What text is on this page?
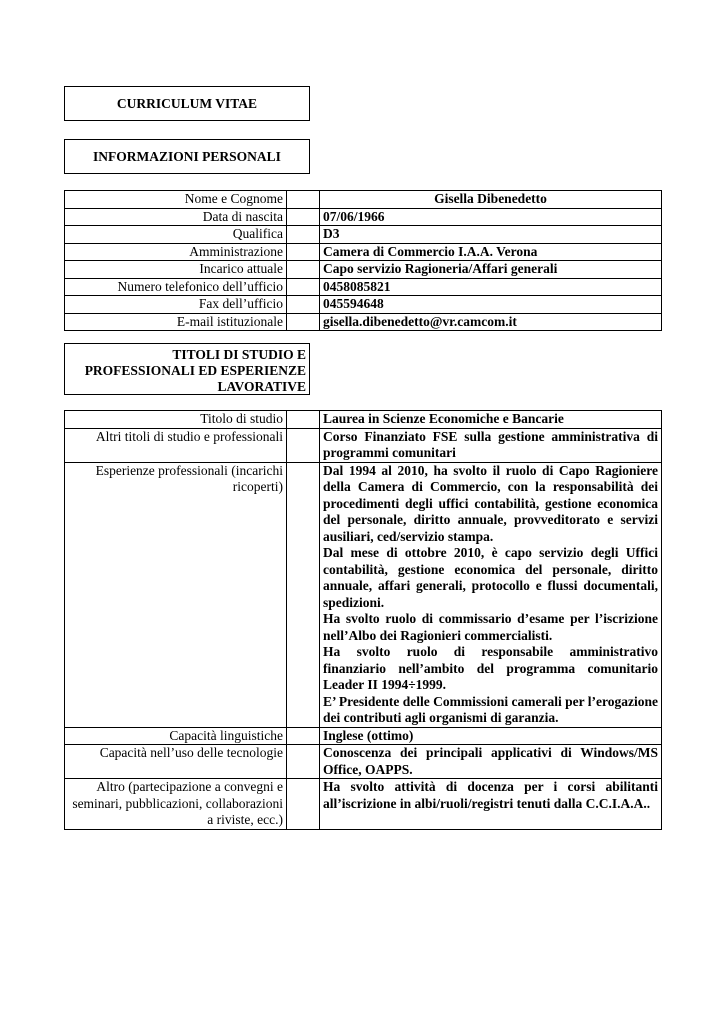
CURRICULUM VITAE
INFORMAZIONI PERSONALI
Nome e Cognome		Gisella Dibenedetto
Data di nascita		07/06/1966
Qualifica		D3
Amministrazione		Camera di Commercio I.A.A. Verona
Incarico attuale		Capo servizio Ragioneria/Affari generali
Numero telefonico dell’ufficio		0458085821
Fax dell’ufficio		045594648
E-mail istituzionale		gisella.dibenedetto@vr.camcom.it
TITOLI DI STUDIO E PROFESSIONALI ED ESPERIENZE LAVORATIVE
Titolo di studio		Laurea in Scienze Economiche e Bancarie
Altri titoli di studio e professionali		Corso Finanziato FSE sulla gestione amministrativa di programmi comunitari
Esperienze professionali (incarichi ricoperti)		Dal 1994 al 2010, ha svolto il ruolo di Capo Ragioniere della Camera di Commercio, con la responsabilità dei procedimenti degli uffici contabilità, gestione economica del personale, diritto annuale, provveditorato e servizi ausiliari, ced/servizio stampa.
Dal mese di ottobre 2010, è capo servizio degli Uffici contabilità, gestione economica del personale, diritto annuale, affari generali, protocollo e flussi documentali, spedizioni.
Ha svolto ruolo di commissario d’esame per l’iscrizione nell’Albo dei Ragionieri commercialisti.
Ha svolto ruolo di responsabile amministrativo finanziario nell’ambito del programma comunitario Leader II 1994÷1999.
E’ Presidente delle Commissioni camerali per l’erogazione dei contributi agli organismi di garanzia.

Capacità linguistiche		Inglese (ottimo)
Capacità nell’uso delle tecnologie		Conoscenza dei principali applicativi di Windows/MS Office, OAPPS.
Altro (partecipazione a convegni e seminari, pubblicazioni, collaborazioni a riviste, ecc.)		Ha svolto attività di docenza per i corsi abilitanti all’iscrizione in albi/ruoli/registri tenuti dalla C.C.I.A.A..
